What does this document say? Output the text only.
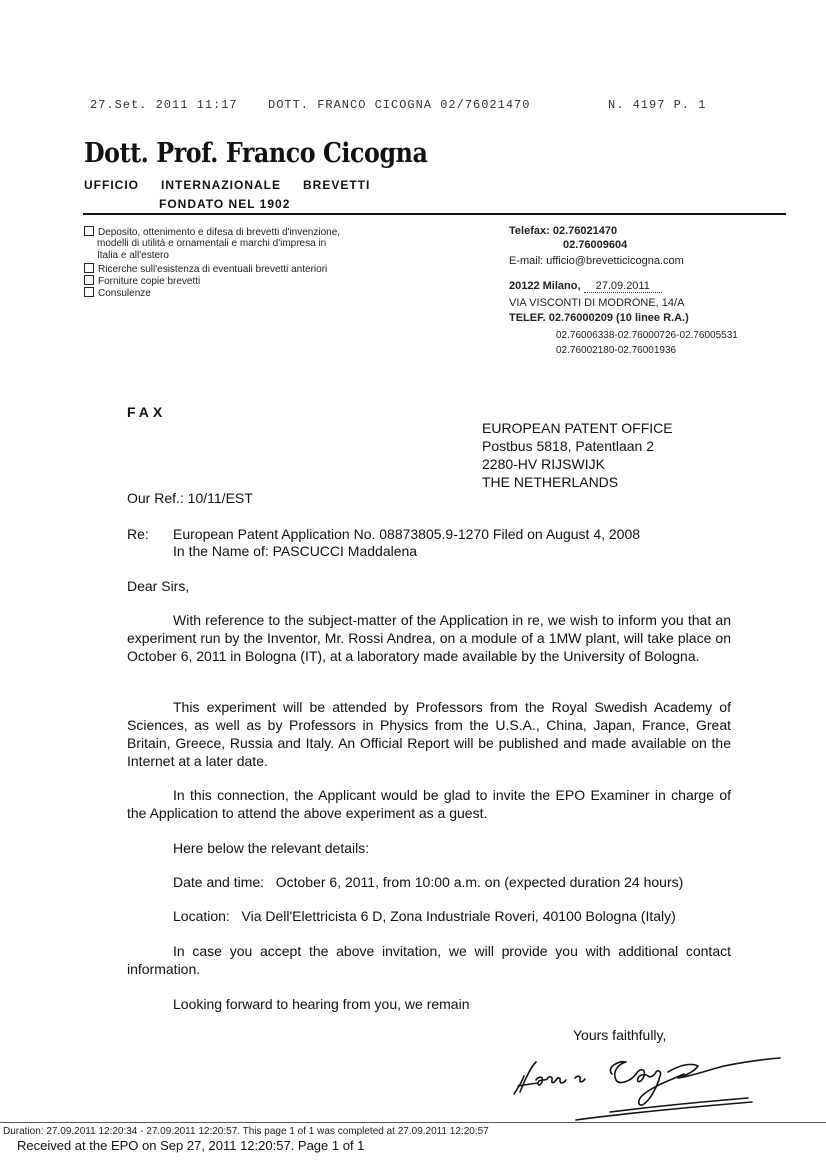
27.Set. 2011 11:17	DOTT. FRANCO CICOGNA 02/76021470	N. 4197 P. 1
Dott. Prof. Franco Cicogna
UFFICIO INTERNAZIONALE BREVETTI
FONDATO NEL 1902
Deposito, ottenimento e difesa di brevetti d'invenzione,
modelli di utilità e ornamentali e marchi d'impresa in
Italia e all'estero
Ricerche sull'esistenza di eventuali brevetti anteriori
Forniture copie brevetti
Consulenze
Telefax: 02.76021470
02.76009604
E-mail: ufficio@brevetticicogna.com
20122 Milano, 27.09.2011
VIA VISCONTI DI MODRONE, 14/A
TELEF. 02.76000209 (10 linee R.A.)
02.76006338-02.76000726-02.76005531
02.76002180-02.76001936
FAX
EUROPEAN PATENT OFFICE
Postbus 5818, Patentlaan 2
2280-HV RIJSWIJK
THE NETHERLANDS
Our Ref.: 10/11/EST
Re: European Patent Application No. 08873805.9-1270 Filed on August 4, 2008
In the Name of: PASCUCCI Maddalena
Dear Sirs,
With reference to the subject-matter of the Application in re, we wish to inform you that an experiment run by the Inventor, Mr. Rossi Andrea, on a module of a 1MW plant, will take place on October 6, 2011 in Bologna (IT), at a laboratory made available by the University of Bologna.
This experiment will be attended by Professors from the Royal Swedish Academy of Sciences, as well as by Professors in Physics from the U.S.A., China, Japan, France, Great Britain, Greece, Russia and Italy. An Official Report will be published and made available on the Internet at a later date.
In this connection, the Applicant would be glad to invite the EPO Examiner in charge of the Application to attend the above experiment as a guest.
Here below the relevant details:
Date and time: October 6, 2011, from 10:00 a.m. on (expected duration 24 hours)
Location: Via Dell'Elettricista 6 D, Zona Industriale Roveri, 40100 Bologna (Italy)
In case you accept the above invitation, we will provide you with additional contact information.
Looking forward to hearing from you, we remain
Yours faithfully,
Duration: 27.09.2011 12:20:34 - 27.09.2011 12:20:57. This page 1 of 1 was completed at 27.09.2011 12:20:57
Received at the EPO on Sep 27, 2011 12:20:57. Page 1 of 1
